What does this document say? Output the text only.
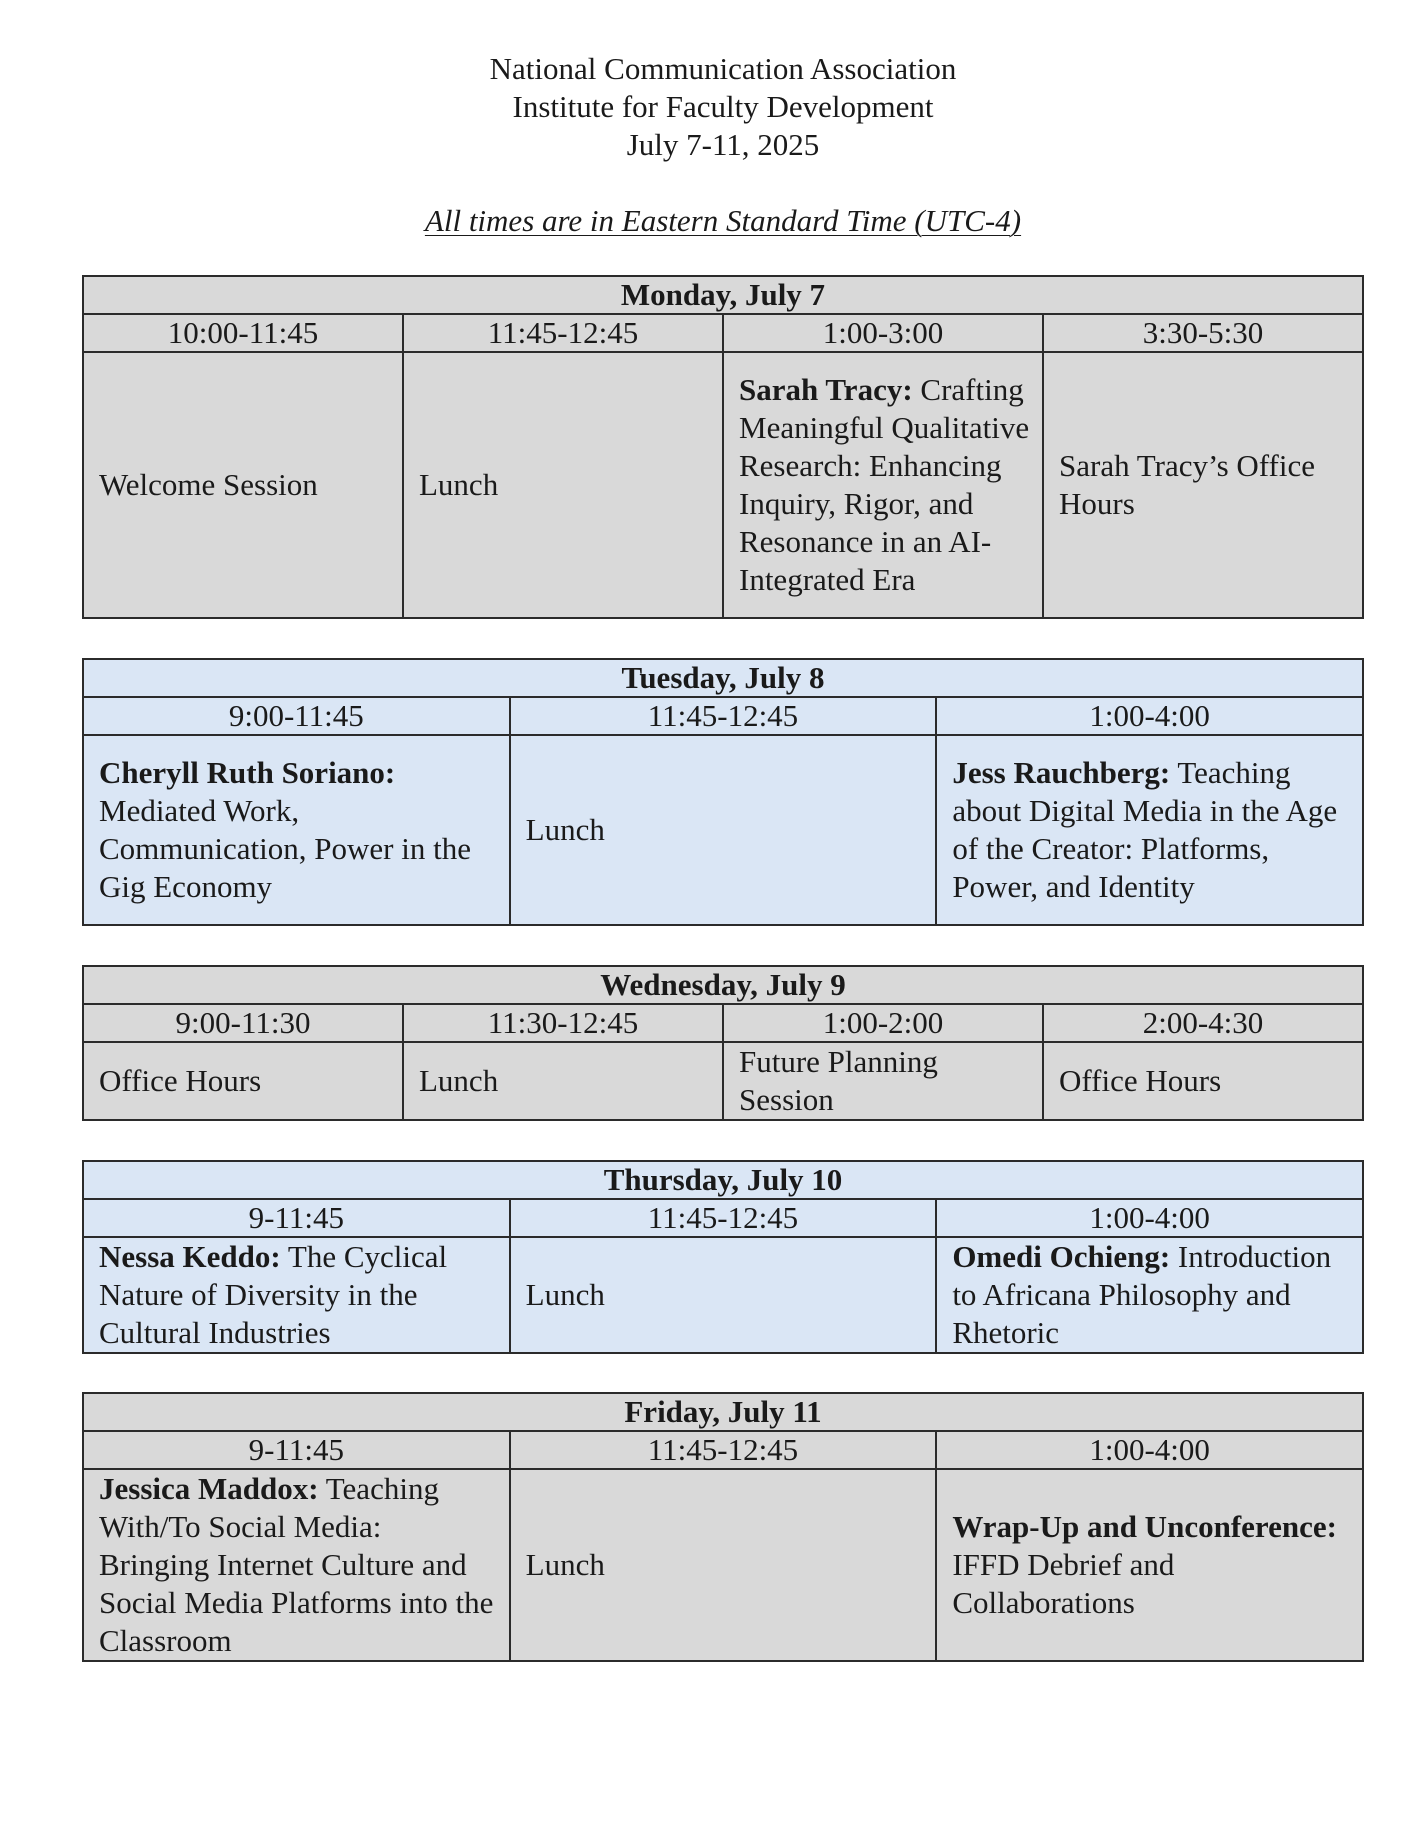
National Communication Association
Institute for Faculty Development
July 7-11, 2025
All times are in Eastern Standard Time (UTC-4)
Monday, July 7			
10:00-11:45	11:45-12:45	1:00-3:00	3:30-5:30
Welcome Session	Lunch	Sarah Tracy: Crafting Meaningful Qualitative Research: Enhancing Inquiry, Rigor, and Resonance in an AI-Integrated Era	Sarah Tracy’s Office Hours
Tuesday, July 8		
9:00-11:45	11:45-12:45	1:00-4:00
Cheryll Ruth Soriano: Mediated Work, Communication, Power in the Gig Economy	Lunch	Jess Rauchberg: Teaching about Digital Media in the Age of the Creator: Platforms, Power, and Identity
Wednesday, July 9			
9:00-11:30	11:30-12:45	1:00-2:00	2:00-4:30
Office Hours	Lunch	Future Planning Session	Office Hours
Thursday, July 10		
9-11:45	11:45-12:45	1:00-4:00
Nessa Keddo: The Cyclical Nature of Diversity in the Cultural Industries	Lunch	Omedi Ochieng: Introduction to Africana Philosophy and Rhetoric
Friday, July 11		
9-11:45	11:45-12:45	1:00-4:00
Jessica Maddox: Teaching With/To Social Media: Bringing Internet Culture and Social Media Platforms into the Classroom	Lunch	Wrap-Up and Unconference: IFFD Debrief and Collaborations
